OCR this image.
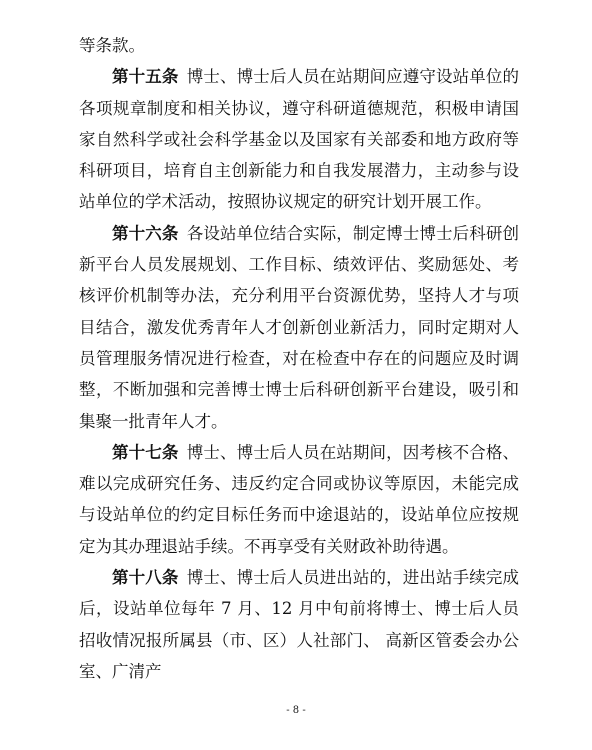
等条款。

第十五条 博士、博士后人员在站期间应遵守设站单位的各项规章制度和相关协议，遵守科研道德规范，积极申请国家自然科学或社会科学基金以及国家有关部委和地方政府等科研项目，培育自主创新能力和自我发展潜力，主动参与设站单位的学术活动，按照协议规定的研究计划开展工作。

第十六条 各设站单位结合实际，制定博士博士后科研创新平台人员发展规划、工作目标、绩效评估、奖励惩处、考核评价机制等办法，充分利用平台资源优势，坚持人才与项目结合，激发优秀青年人才创新创业新活力，同时定期对人员管理服务情况进行检查，对在检查中存在的问题应及时调整，不断加强和完善博士博士后科研创新平台建设，吸引和集聚一批青年人才。

第十七条 博士、博士后人员在站期间，因考核不合格、难以完成研究任务、违反约定合同或协议等原因，未能完成与设站单位的约定目标任务而中途退站的，设站单位应按规定为其办理退站手续。不再享受有关财政补助待遇。

第十八条 博士、博士后人员进出站的，进出站手续完成后，设站单位每年 7 月、12 月中旬前将博士、博士后人员招收情况报所属县（市、区）人社部门、 高新区管委会办公室、广清产

- 8 -
